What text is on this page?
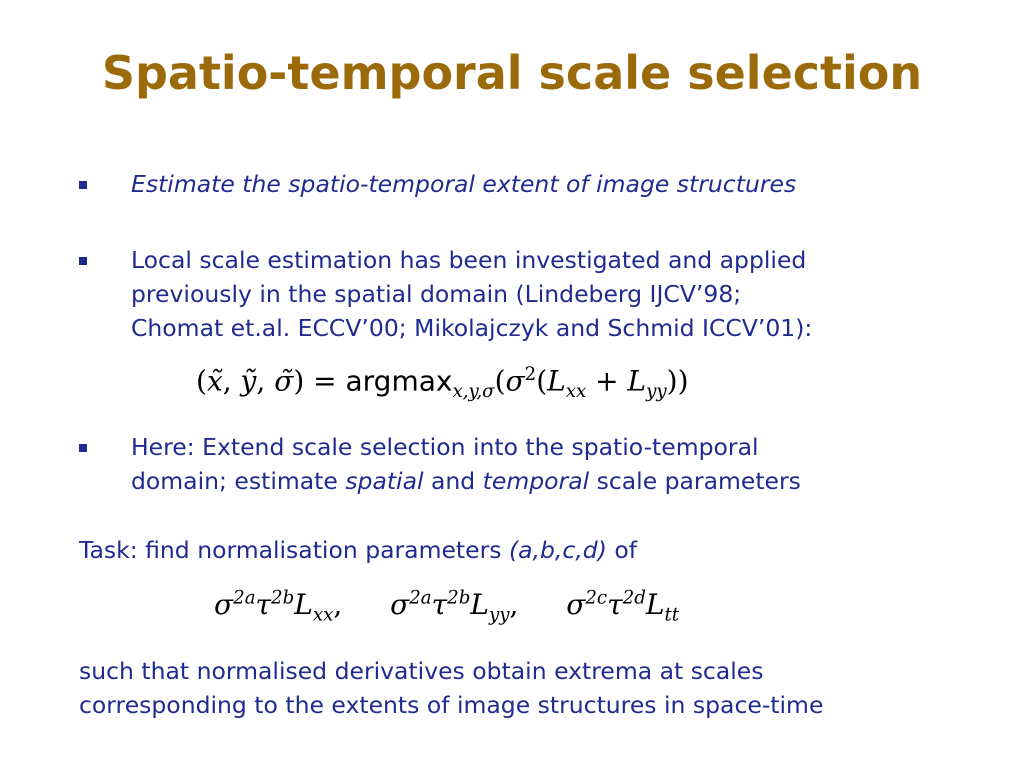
Spatio-temporal scale selection
Estimate the spatio-temporal extent of image structures
Local scale estimation has been investigated and applied
previously in the spatial domain (Lindeberg IJCV’98;
Chomat et.al. ECCV’00; Mikolajczyk and Schmid ICCV’01):
(x̃, ỹ, σ̃) = $argmax_{x,y,\sigma}(\sigma^2(L_{xx} + L_{yy}))$
Here: Extend scale selection into the spatio-temporal
domain; estimate spatial and temporal scale parameters
Task: find normalisation parameters (a,b,c,d) of
$\sigma^{2a}\tau^{2b}L_{xx}$, $\sigma^{2a}\tau^{2b}L_{yy}$, $\sigma^{2c}\tau^{2d}L_{tt}$
such that normalised derivatives obtain extrema at scales
corresponding to the extents of image structures in space-time
